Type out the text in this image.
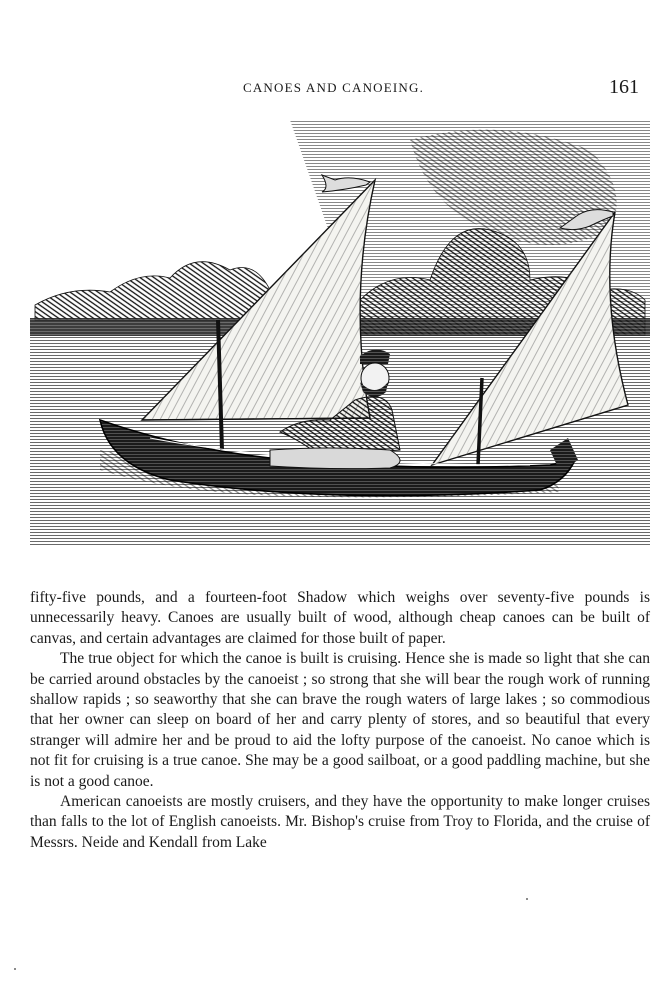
CANOES AND CANOEING.	161

fifty-five pounds, and a fourteen-foot Shadow which weighs over seventy-five pounds is unnecessarily heavy. Canoes are usually built of wood, although cheap canoes can be built of canvas, and certain advantages are claimed for those built of paper.

The true object for which the canoe is built is cruising. Hence she is made so light that she can be carried around obstacles by the canoeist ; so strong that she will bear the rough work of running shallow rapids ; so seaworthy that she can brave the rough waters of large lakes ; so commodious that her owner can sleep on board of her and carry plenty of stores, and so beautiful that every stranger will admire her and be proud to aid the lofty purpose of the canoeist. No canoe which is not fit for cruising is a true canoe. She may be a good sailboat, or a good paddling machine, but she is not a good canoe.

American canoeists are mostly cruisers, and they have the opportunity to make longer cruises than falls to the lot of English canoeists. Mr. Bishop's cruise from Troy to Florida, and the cruise of Messrs. Neide and Kendall from Lake
